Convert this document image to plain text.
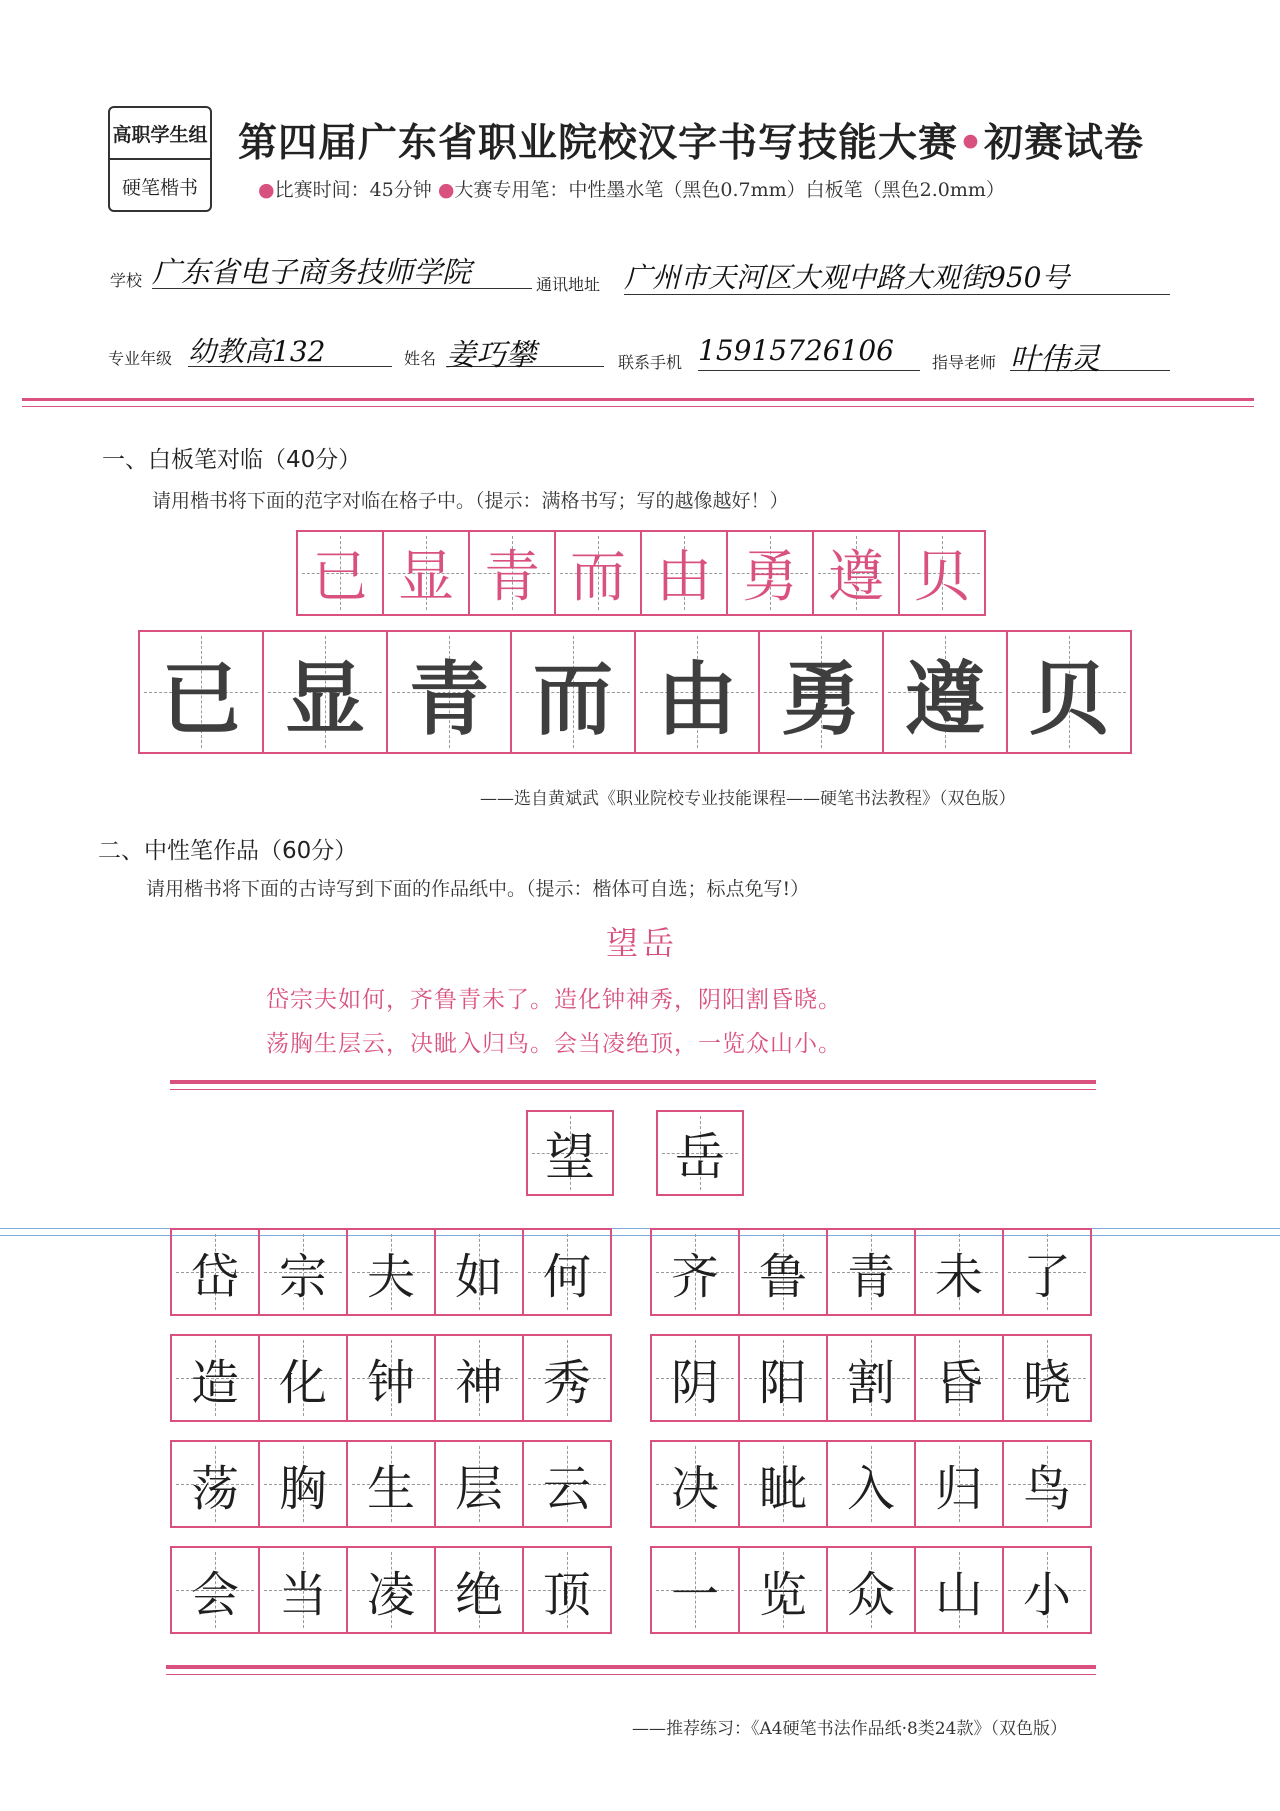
高职学生组
硬笔楷书
第四届广东省职业院校汉字书写技能大赛•初赛试卷
●比赛时间：45分钟 ●大赛专用笔：中性墨水笔（黑色0.7mm）白板笔（黑色2.0mm）
学校 广东省电子商务技师学院	通讯地址 广州市天河区大观中路大观街950号
专业年级 幼教高132	姓名 姜巧攀	联系手机 15915726106	指导老师 叶伟灵
一、白板笔对临（40分）
请用楷书将下面的范字对临在格子中。（提示：满格书写；写的越像越好！）
已 显 青 而 由 勇 遵 贝
已 显 青 而 由 勇 遵 贝
——选自黄斌武《职业院校专业技能课程——硬笔书法教程》（双色版）
二、中性笔作品（60分）
请用楷书将下面的古诗写到下面的作品纸中。（提示：楷体可自选；标点免写!）
望岳
岱宗夫如何，齐鲁青未了。造化钟神秀，阴阳割昏晓。
荡胸生层云，决眦入归鸟。会当凌绝顶，一览众山小。
望 岳
岱 宗 夫 如 何 齐 鲁 青 未 了
造 化 钟 神 秀 阴 阳 割 昏 晓
荡 胸 生 层 云 决 眦 入 归 鸟
会 当 凌 绝 顶 一 览 众 山 小
——推荐练习：《A4硬笔书法作品纸·8类24款》（双色版）
